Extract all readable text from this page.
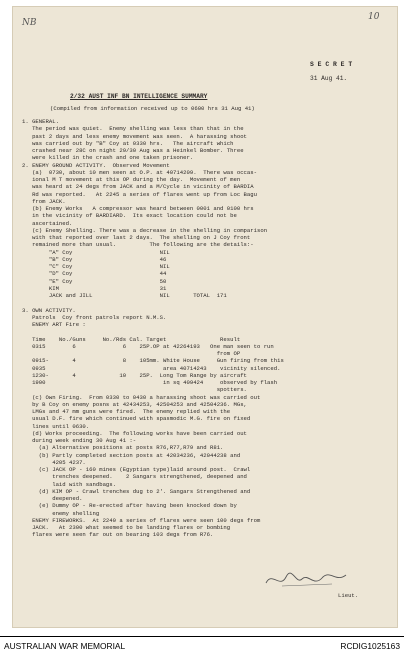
NB
10
S E C R E T
31 Aug 41.
2/32 AUST INF BN INTELLIGENCE SUMMARY
(Compiled from information received up to 0600 hrs 31 Aug 41)
1. GENERAL.
The period was quiet.  Enemy shelling was less than that in the
past 2 days and less enemy movement was seen.  A harassing shoot
was carried out by "B" Coy at 0330 hrs.   The aircraft which
crashed near 28C on night 29/30 Aug was a Heinkel Bomber. Three
were killed in the crash and one taken prisoner.
2. ENEMY GROUND ACTIVITY.  Observed Movement
(a)  0730, about 10 men seen at O.P. at 40714209.  There was occas-
ional M T movement at this OP during the day.  Movement of men
was heard at 24 degs from JACK and a M/Cycle in vicinity of BARDIA
Rd was reported.   At 2245 a series of flares went up from Loc Bagu
from JACK.
(b) Enemy Works   A compressor was heard between 0001 and 0100 hrs
in the vicinity of BARDIARD.  Its exact location could not be
ascertained.
(c) Enemy Shelling. There was a decrease in the shelling in comparison
with that reported over last 2 days.  The shelling on J Coy front
remained more than usual.          The following are the details:-
"A" Coy                          NIL
"B" Coy                          46
"C" Coy                          NIL
"D" Coy                          44
"E" Coy                          50
KIM                              31
JACK and JILL                    NIL       TOTAL  171
3. OWN ACTIVITY.
Patrols  Coy front patrols report N.M.S.
ENEMY ART Fire :
Time    No./Guns     No./Rds Cal. Target                Result
0315        6              6    25P.OP at 42264193   One man seen to run
from OP
0915-       4              8    105mm. White House     Gun firing from this
0935                                   area 40714243    vicinity silenced.
1230-       4             10    25P.  Long Tom Range by aircraft
1900                                   in sq 409424     observed by flash
spotters.
(c) Own Firing.  From 0330 to 0430 a harassing shoot was carried out
by B Coy on enemy posns at 42434253, 42504253 and 42504236. MGs,
LMGs and 47 mm guns were fired.  The enemy replied with the
usual D.F. fire which continued with spasmodic M.G. fire on fixed
lines until 0630.
(d) Works proceeding.  The following works have been carried out
during week ending 30 Aug 41 :-
(a) Alternative positions at posts R76,R77,R79 and R81.
(b) Partly completed section posts at 42034236, 42044238 and
4205 4237.
(c) JACK OP - 160 mines (Egyptian type)laid around post.  Crawl
trenches deepened.    2 Sangars strengthened, deepened and
laid with sandbags.
(d) KIM OP - Crawl trenches dug to 2'. Sangars Strengthened and
deepened.
(e) Dummy OP - Re-erected after having been knocked down by
enemy shelling
ENEMY FIREWORKS.  At 2240 a series of flares were seen 100 degs from
JACK.   At 2300 what seemed to be landing flares or bombing
flares were seen far out on bearing 103 degs from R76.
Lieut.
AUSTRALIAN WAR MEMORIAL	RCDIG1025163
